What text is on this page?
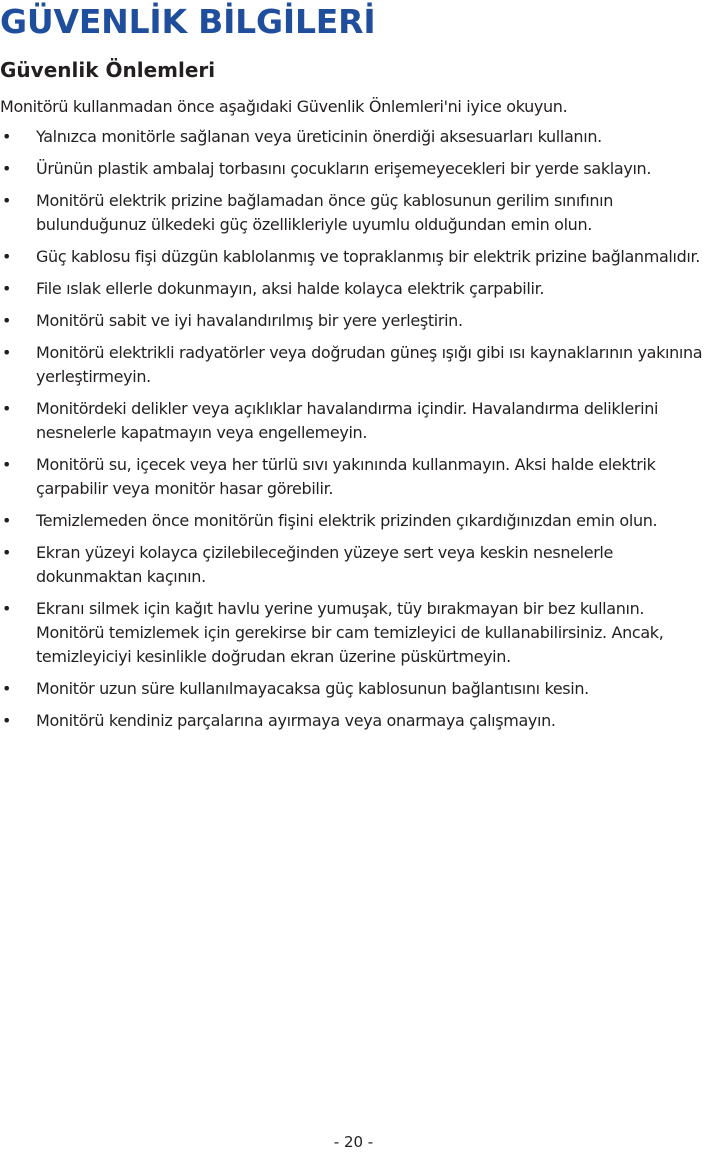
GÜVENLİK BİLGİLERİ
Güvenlik Önlemleri

Monitörü kullanmadan önce aşağıdaki Güvenlik Önlemleri'ni iyice okuyun.

• Yalnızca monitörle sağlanan veya üreticinin önerdiği aksesuarları kullanın.
• Ürünün plastik ambalaj torbasını çocukların erişemeyecekleri bir yerde saklayın.
• Monitörü elektrik prizine bağlamadan önce güç kablosunun gerilim sınıfının bulunduğunuz ülkedeki güç özellikleriyle uyumlu olduğundan emin olun.
• Güç kablosu fişi düzgün kablolanmış ve topraklanmış bir elektrik prizine bağlanmalıdır.
• File ıslak ellerle dokunmayın, aksi halde kolayca elektrik çarpabilir.
• Monitörü sabit ve iyi havalandırılmış bir yere yerleştirin.
• Monitörü elektrikli radyatörler veya doğrudan güneş ışığı gibi ısı kaynaklarının yakınına yerleştirmeyin.
• Monitördeki delikler veya açıklıklar havalandırma içindir. Havalandırma deliklerini nesnelerle kapatmayın veya engellemeyin.
• Monitörü su, içecek veya her türlü sıvı yakınında kullanmayın. Aksi halde elektrik çarpabilir veya monitör hasar görebilir.
• Temizlemeden önce monitörün fişini elektrik prizinden çıkardığınızdan emin olun.
• Ekran yüzeyi kolayca çizilebileceğinden yüzeye sert veya keskin nesnelerle dokunmaktan kaçının.
• Ekranı silmek için kağıt havlu yerine yumuşak, tüy bırakmayan bir bez kullanın. Monitörü temizlemek için gerekirse bir cam temizleyici de kullanabilirsiniz. Ancak, temizleyiciyi kesinlikle doğrudan ekran üzerine püskürtmeyin.
• Monitör uzun süre kullanılmayacaksa güç kablosunun bağlantısını kesin.
• Monitörü kendiniz parçalarına ayırmaya veya onarmaya çalışmayın.
- 20 -
